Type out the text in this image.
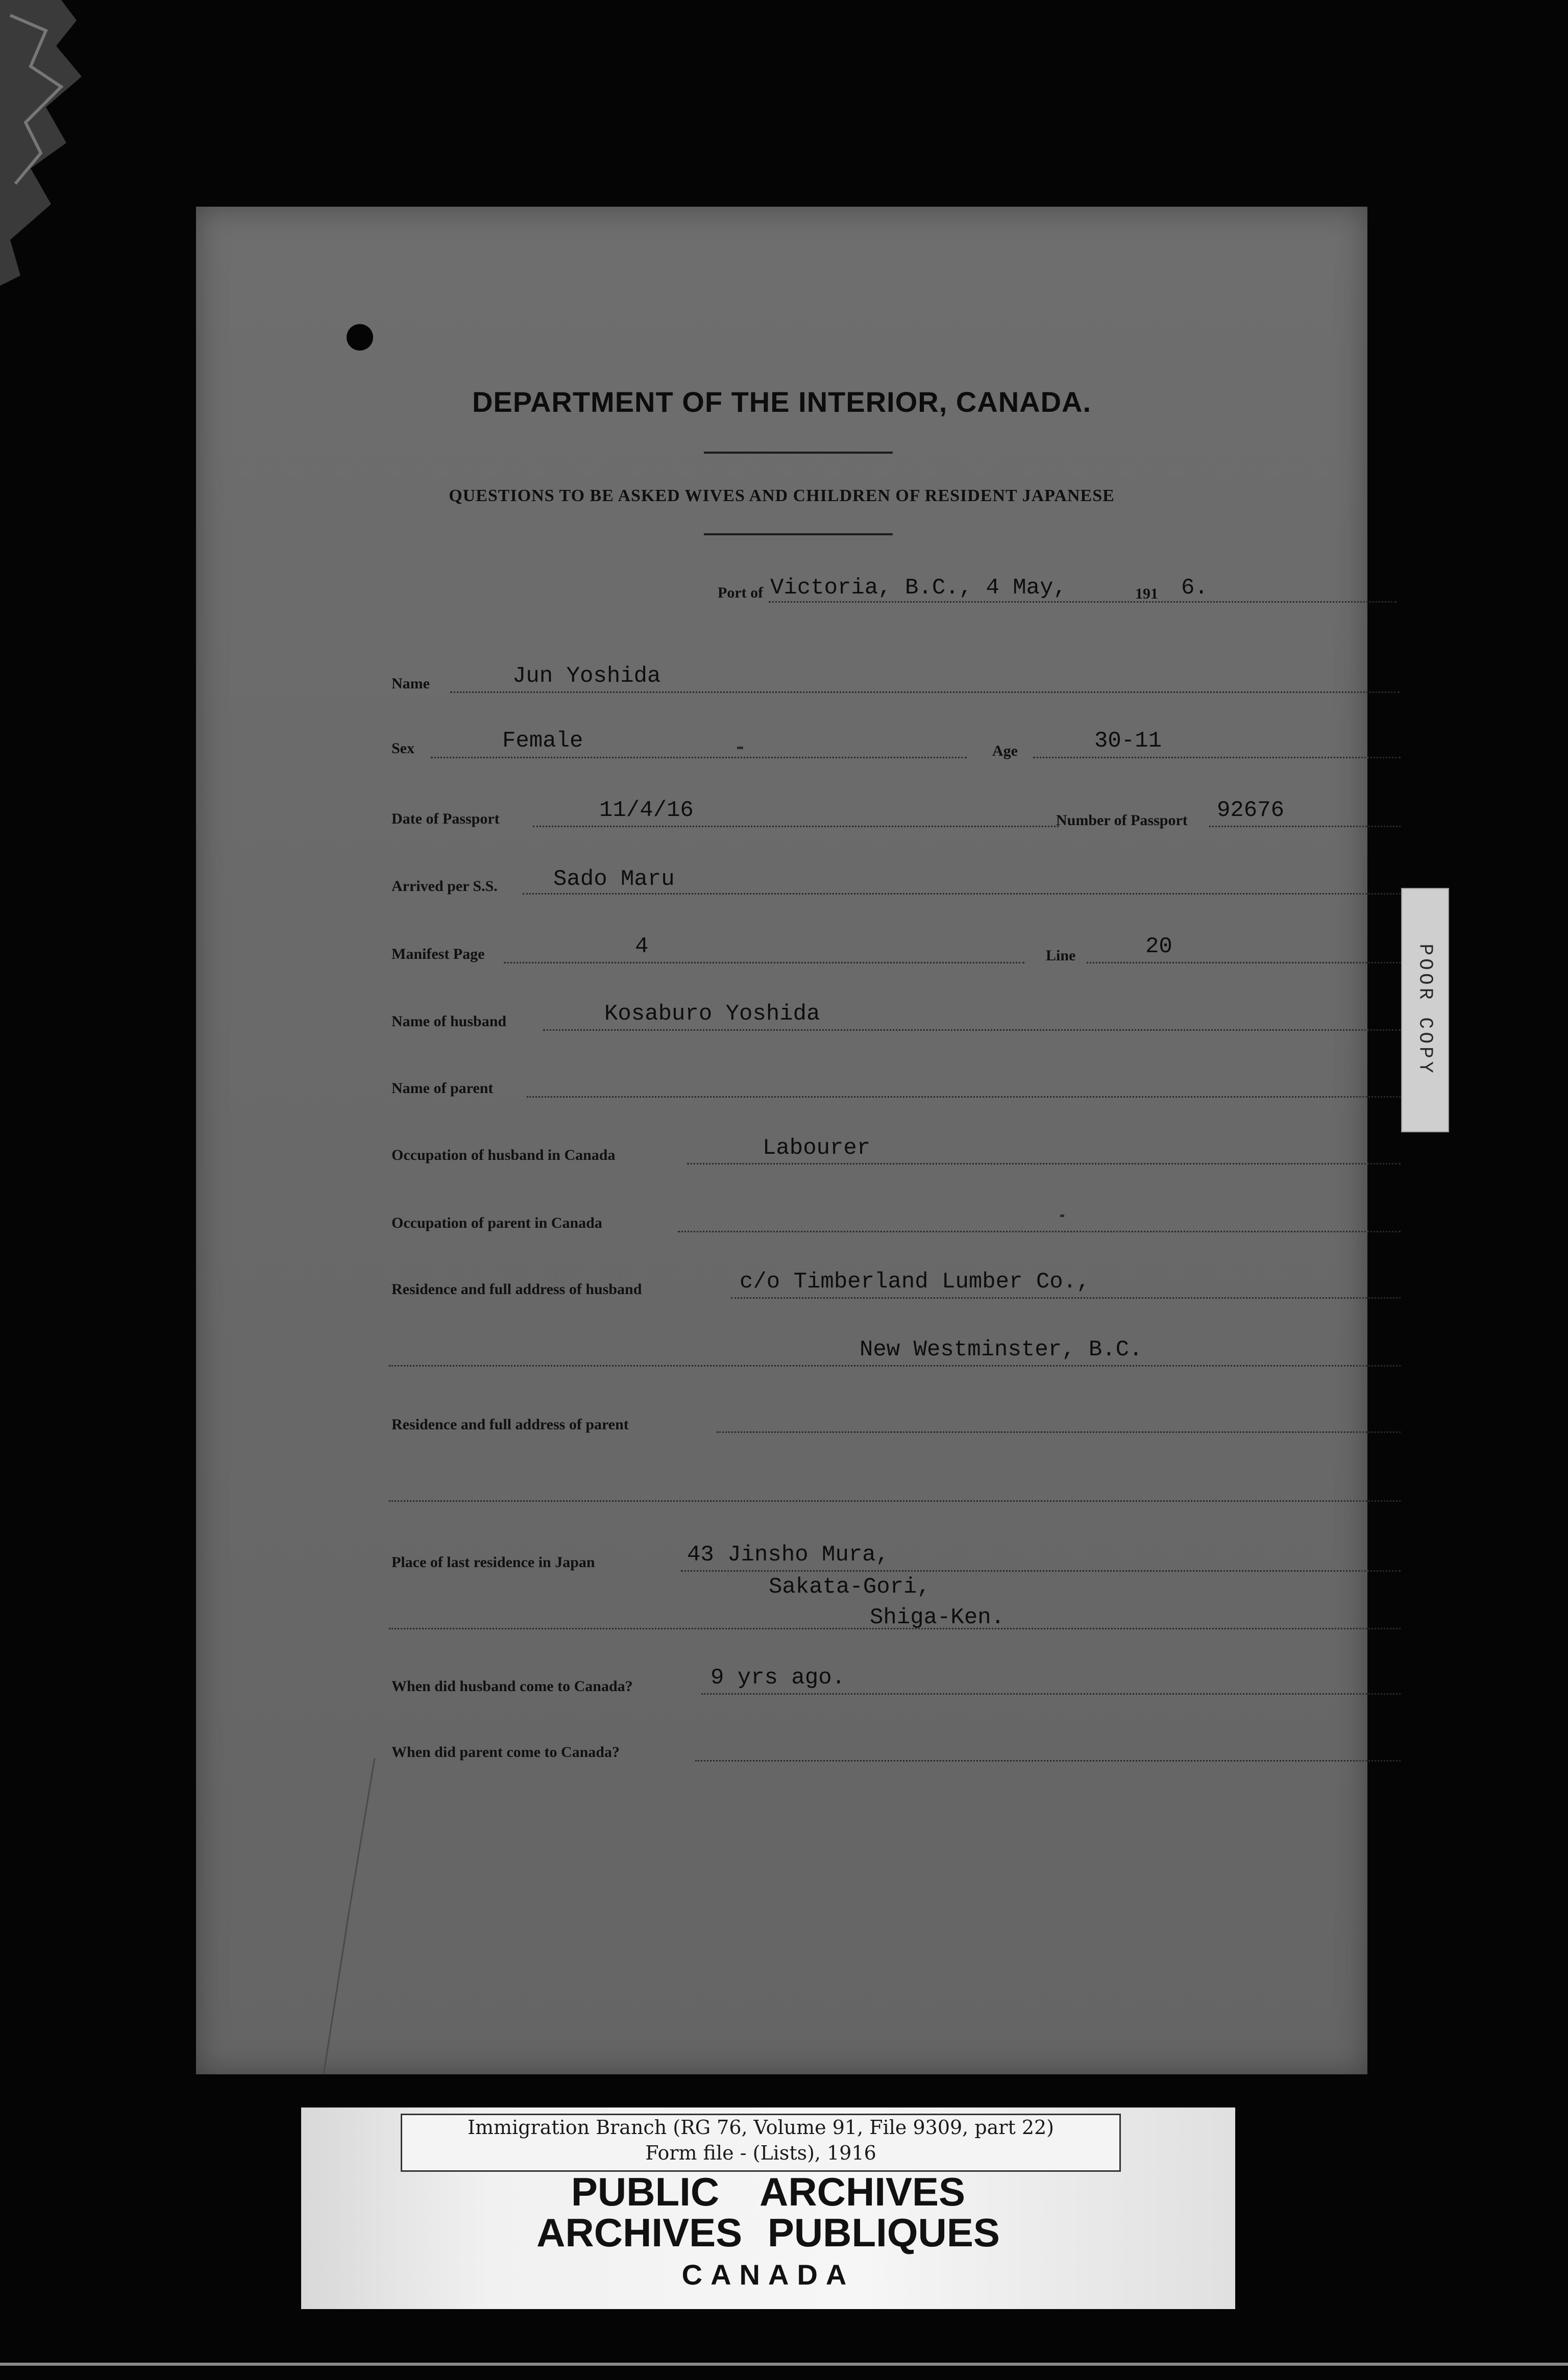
DEPARTMENT OF THE INTERIOR, CANADA.
QUESTIONS TO BE ASKED WIVES AND CHILDREN OF RESIDENT JAPANESE
Port of Victoria, B.C., 4 May,	191 6.
Name	Jun Yoshida
Sex	Female	Age	30-11
Date of Passport	11/4/16	Number of Passport 92676
Arrived per S.S. Sado Maru
Manifest Page	4	Line	20
Name of husband	Kosaburo Yoshida
Name of parent
Occupation of husband in Canada	Labourer
Occupation of parent in Canada
Residence and full address of husband	c/o Timberland Lumber Co.,
New Westminster, B.C.
Residence and full address of parent
Place of last residence in Japan	43 Jinsho Mura,
Sakata-Gori,
Shiga-Ken.
When did husband come to Canada?	9 yrs ago.
When did parent come to Canada?
POOR COPY
Immigration Branch (RG 76, Volume 91, File 9309, part 22)
Form file - (Lists), 1916
PUBLIC ARCHIVES
ARCHIVES PUBLIQUES
CANADA
